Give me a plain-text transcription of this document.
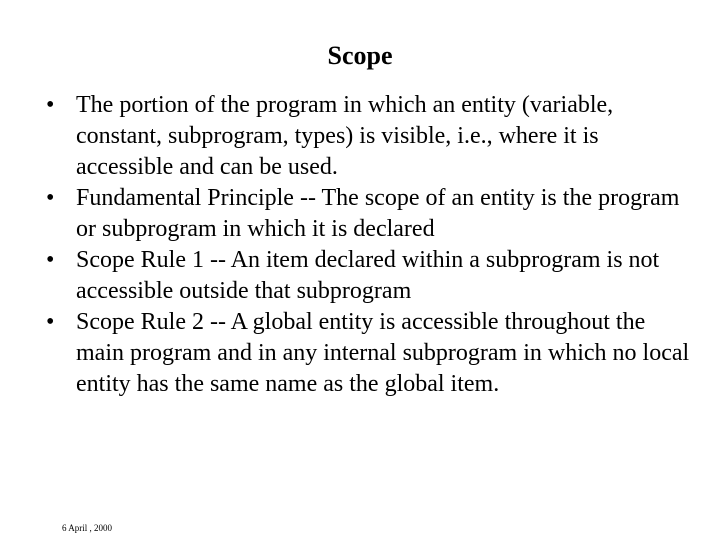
Scope
• The portion of the program in which an entity (variable, constant, subprogram, types) is visible, i.e., where it is accessible and can be used.
• Fundamental Principle -- The scope of an entity is the program or subprogram in which it is declared
• Scope Rule 1 -- An item declared within a subprogram is not accessible outside that subprogram
• Scope Rule 2 -- A global entity is accessible throughout the main program and in any internal subprogram in which no local entity has the same name as the global item.
6 April , 2000
